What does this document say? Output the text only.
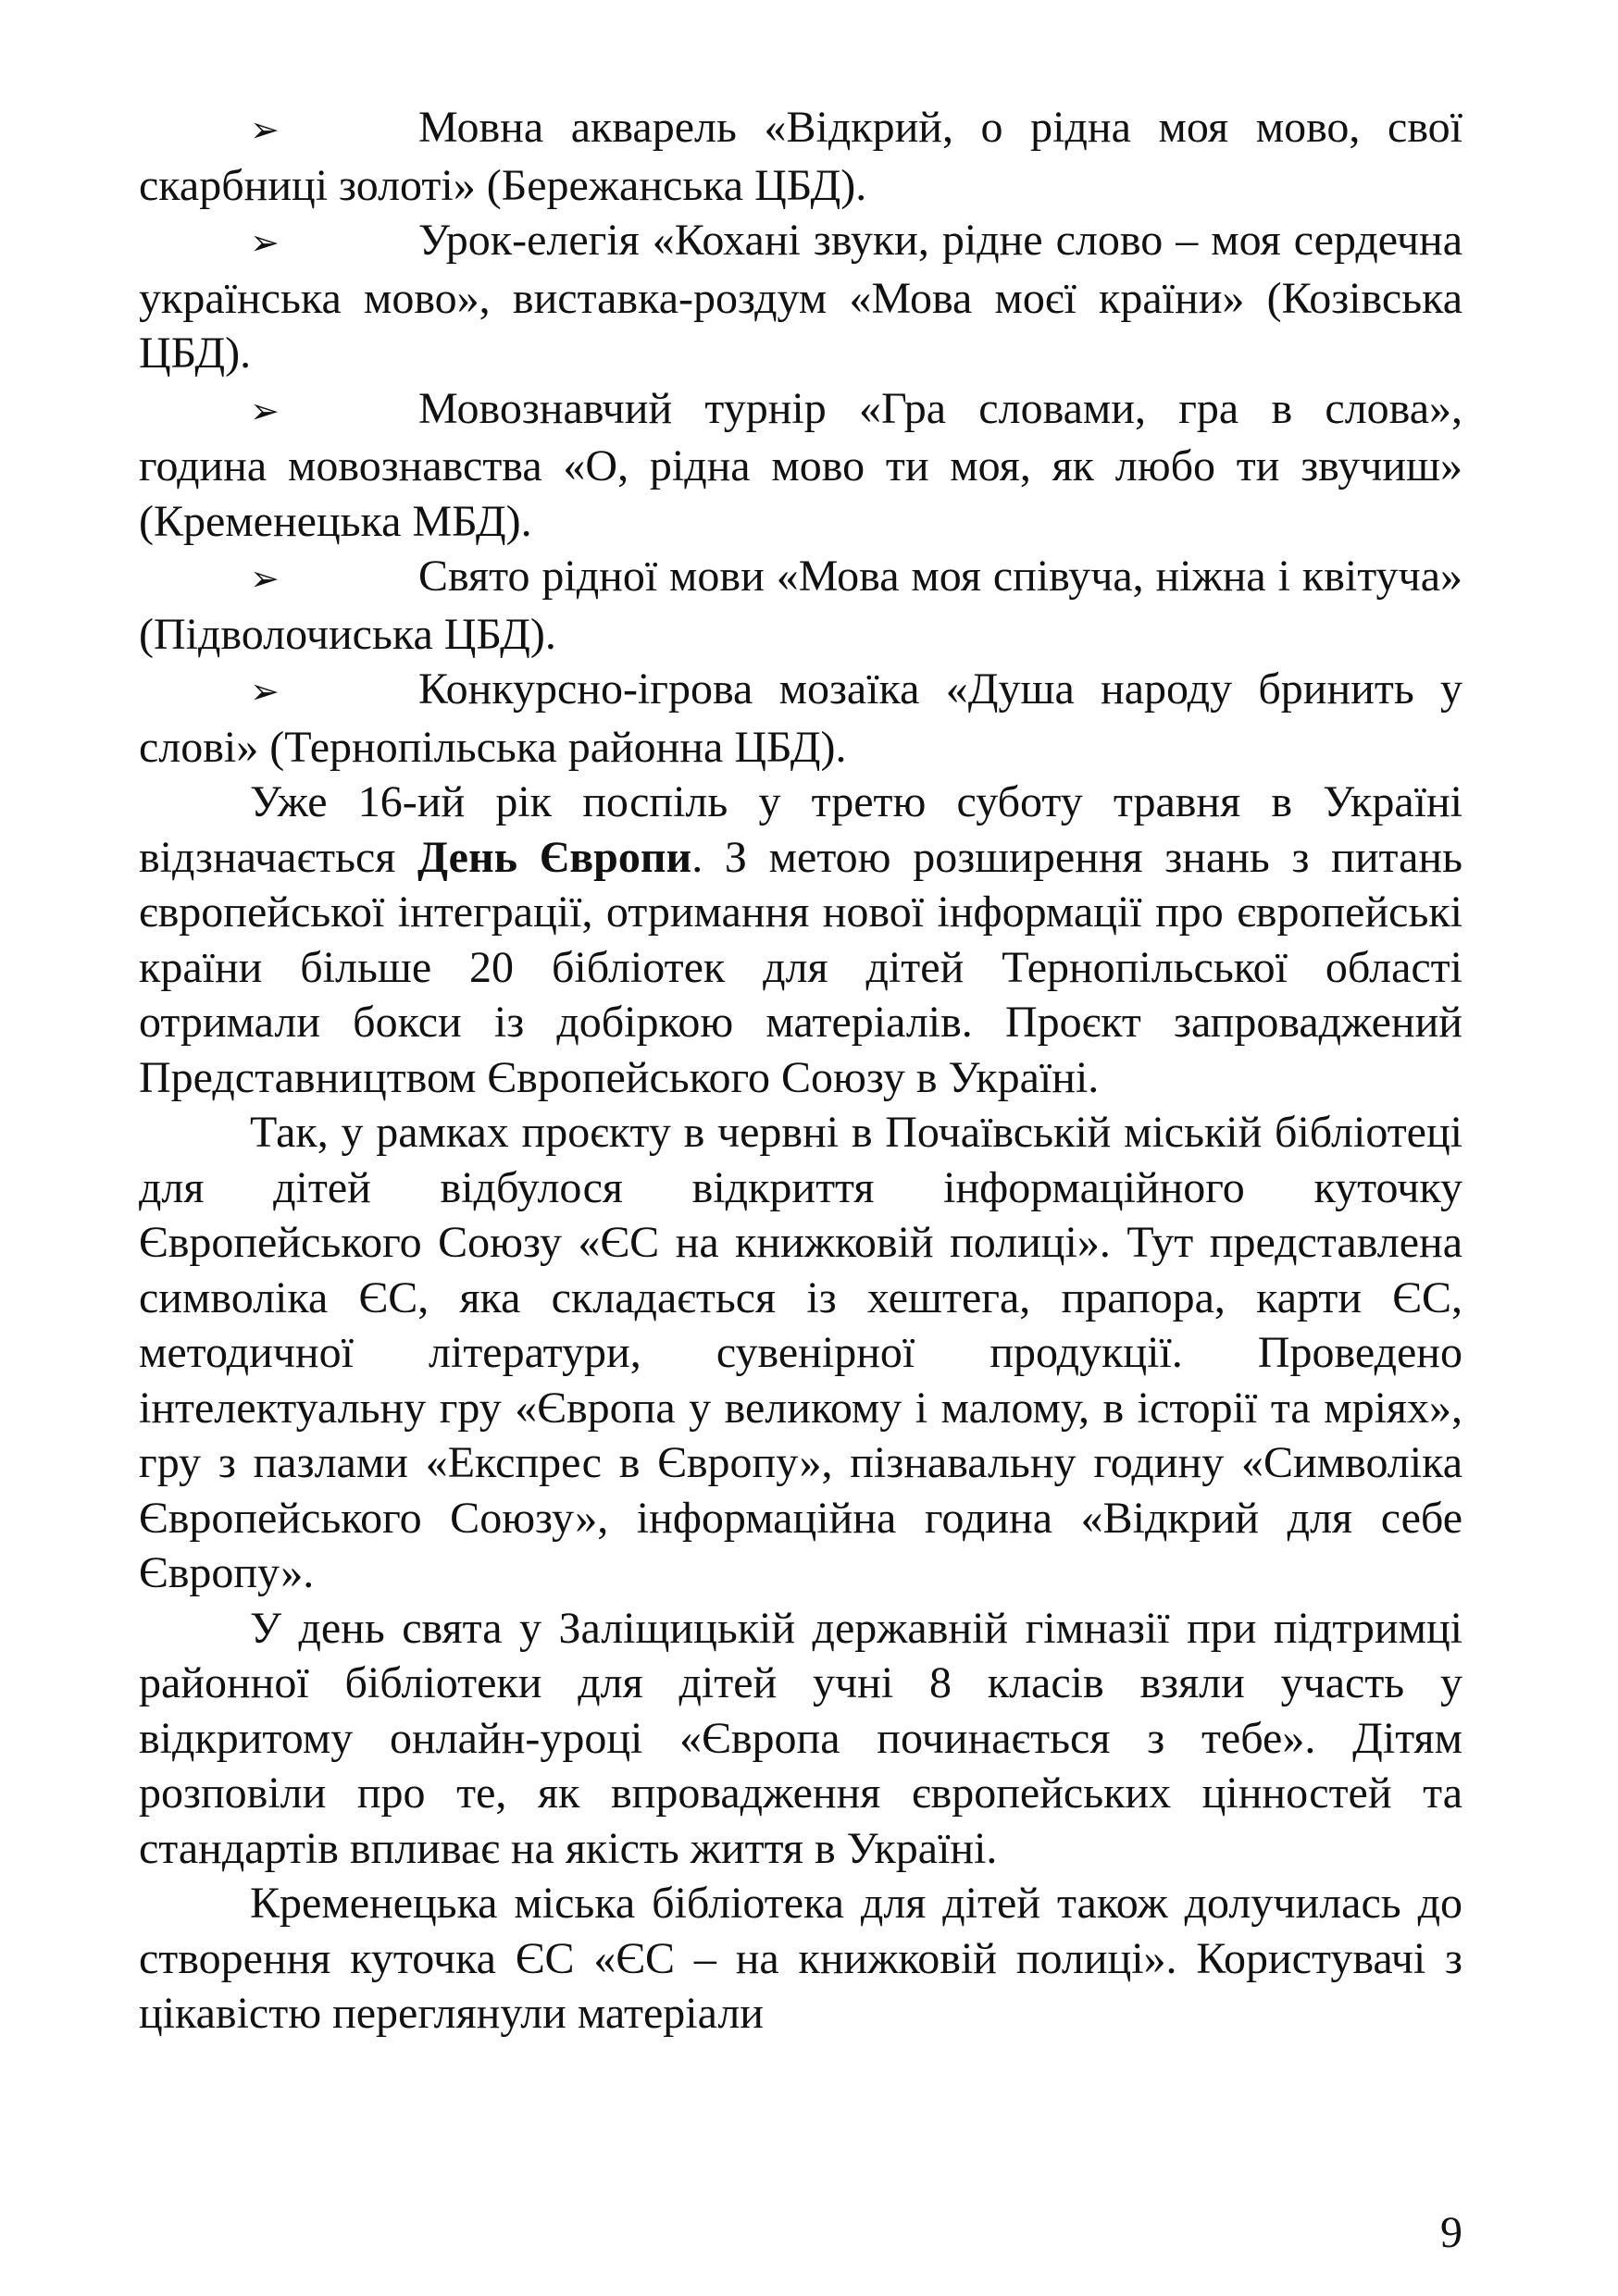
➢	Мовна акварель «Відкрий, о рідна моя мово, свої скарбниці золоті» (Бережанська ЦБД).

➢	Урок-елегія «Кохані звуки, рідне слово – моя сердечна українська мово», виставка-роздум «Мова моєї країни» (Козівська ЦБД).

➢	Мовознавчий турнір «Гра словами, гра в слова», година мовознавства «О, рідна мово ти моя, як любо ти звучиш» (Кременецька МБД).

➢	Свято рідної мови «Мова моя співуча, ніжна і квітуча» (Підволочиська ЦБД).

➢	Конкурсно-ігрова мозаїка «Душа народу бринить у слові» (Тернопільська районна ЦБД).

Уже 16-ий рік поспіль у третю суботу травня в Україні відзначається День Європи. З метою розширення знань з питань європейської інтеграції, отримання нової інформації про європейські країни більше 20 бібліотек для дітей Тернопільської області отримали бокси із добіркою матеріалів. Проєкт запроваджений Представництвом Європейського Союзу в Україні.

Так, у рамках проєкту в червні в Почаївській міській бібліотеці для дітей відбулося відкриття інформаційного куточку Європейського Союзу «ЄС на книжковій полиці». Тут представлена символіка ЄС, яка складається із хештега, прапора, карти ЄС, методичної літератури, сувенірної продукції. Проведено інтелектуальну гру «Європа у великому і малому, в історії та мріях», гру з пазлами «Експрес в Європу», пізнавальну годину «Символіка Європейського Союзу», інформаційна година «Відкрий для себе Європу».

У день свята у Заліщицькій державній гімназії при підтримці районної бібліотеки для дітей учні 8 класів взяли участь у відкритому онлайн-уроці «Європа починається з тебе». Дітям розповіли про те, як впровадження європейських цінностей та стандартів впливає на якість життя в Україні.

Кременецька міська бібліотека для дітей також долучилась до створення куточка ЄС «ЄС – на книжковій полиці». Користувачі з цікавістю переглянули матеріали

9
